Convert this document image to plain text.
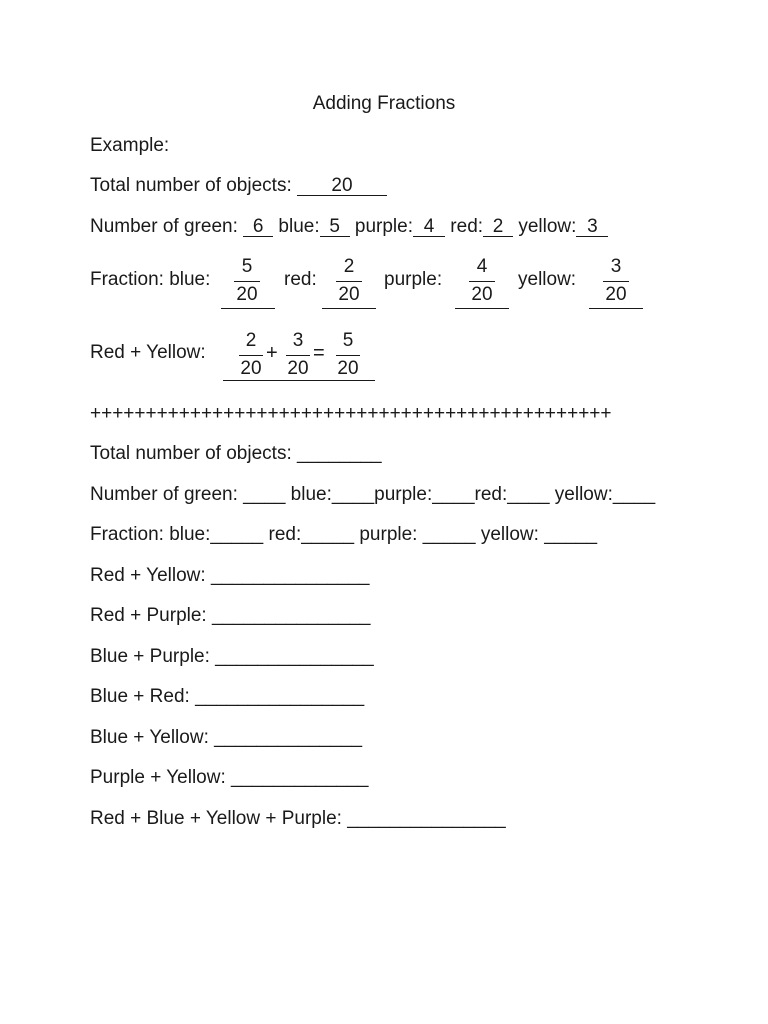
Adding Fractions
Example:
Total number of objects: 20
Number of green: 6 blue: 5 purple: 4 red: 2 yellow: 3
Fraction: blue:
5
20
red:
2
20
purple:
4
20
yellow:
3
20
Red + Yellow:
2
20
+
3
20
=
5
20
+++++++++++++++++++++++++++++++++++++++++++++++
Total number of objects: ________
Number of green: ____ blue:____purple:____red:____ yellow:____
Fraction: blue:_____ red:_____ purple: _____ yellow: _____
Red + Yellow: _______________
Red + Purple: _______________
Blue + Purple: _______________
Blue + Red: ________________
Blue + Yellow: ______________
Purple + Yellow: _____________
Red + Blue + Yellow + Purple: _______________
